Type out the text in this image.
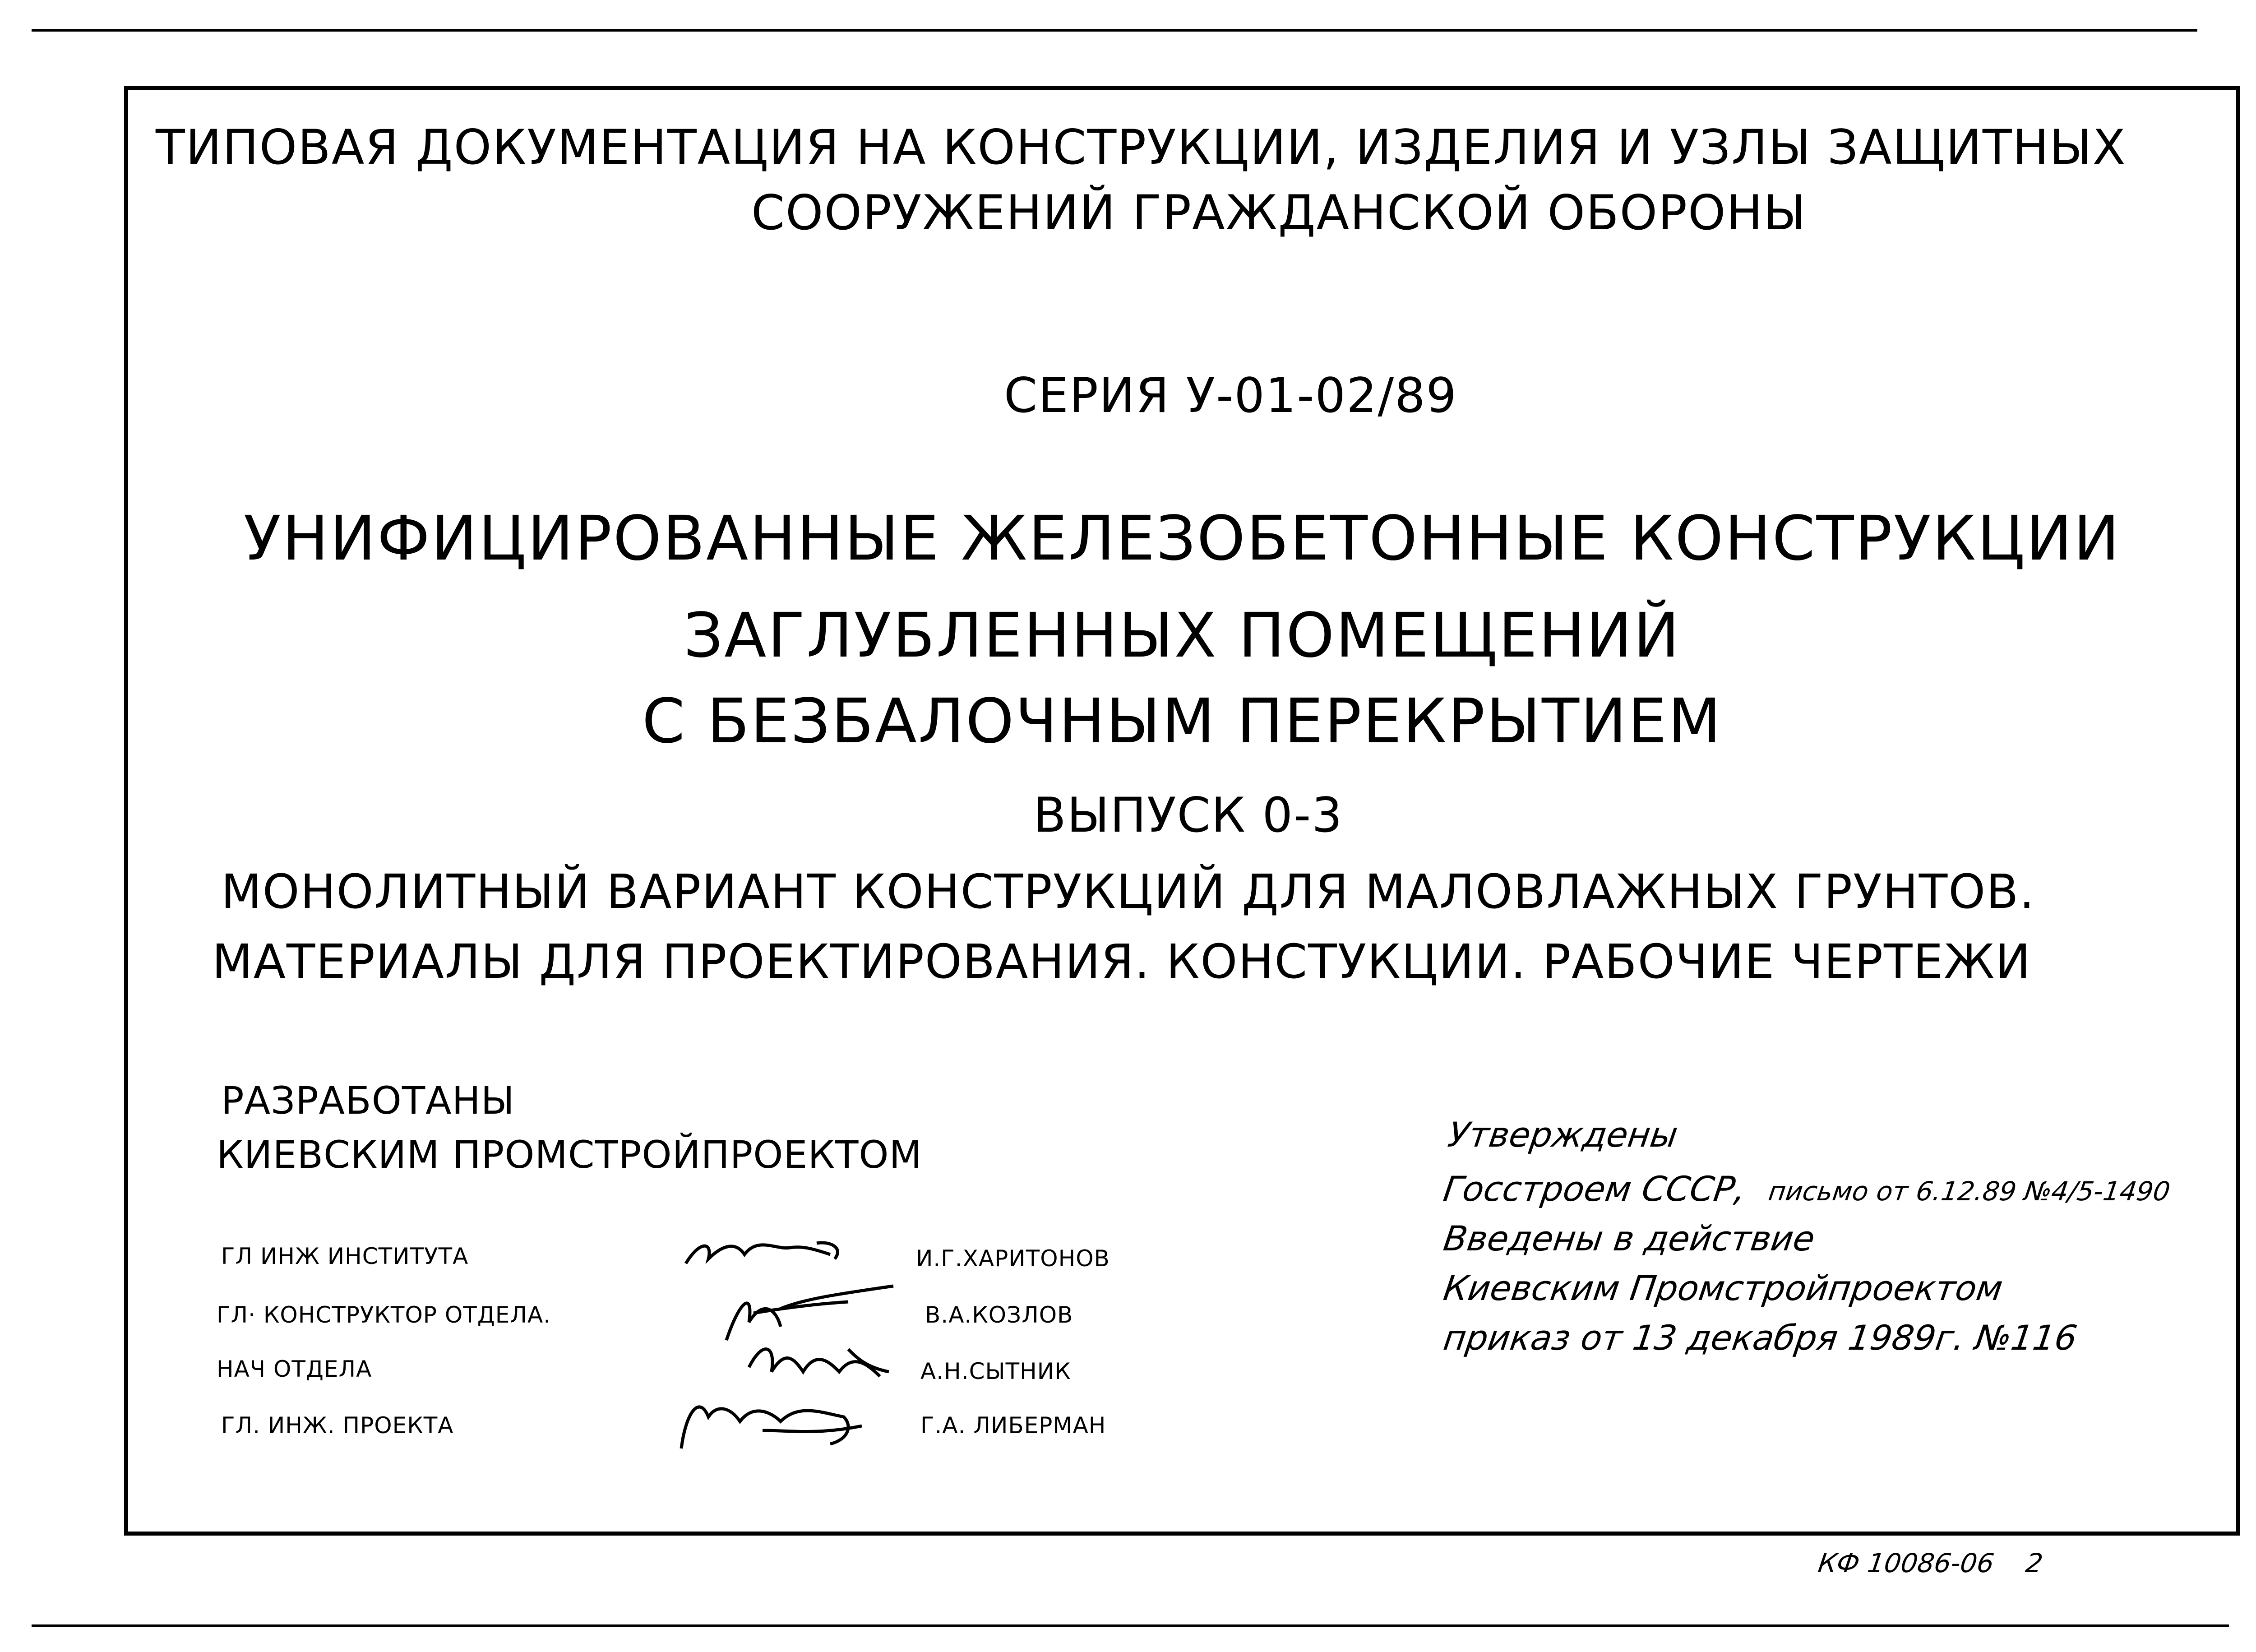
ТИПОВАЯ ДОКУМЕНТАЦИЯ НА КОНСТРУКЦИИ, ИЗДЕЛИЯ И УЗЛЫ ЗАЩИТНЫХ
СООРУЖЕНИЙ ГРАЖДАНСКОЙ ОБОРОНЫ
СЕРИЯ У-01-02/89
УНИФИЦИРОВАННЫЕ ЖЕЛЕЗОБЕТОННЫЕ КОНСТРУКЦИИ
ЗАГЛУБЛЕННЫХ ПОМЕЩЕНИЙ
С БЕЗБАЛОЧНЫМ ПЕРЕКРЫТИЕМ
ВЫПУСК 0-3
МОНОЛИТНЫЙ ВАРИАНТ КОНСТРУКЦИЙ ДЛЯ МАЛОВЛАЖНЫХ ГРУНТОВ.
МАТЕРИАЛЫ ДЛЯ ПРОЕКТИРОВАНИЯ. КОНСТУКЦИИ. РАБОЧИЕ ЧЕРТЕЖИ
РАЗРАБОТАНЫ
КИЕВСКИМ ПРОМСТРОЙПРОЕКТОМ
ГЛ ИНЖ ИНСТИТУТА
ГЛ· КОНСТРУКТОР ОТДЕЛА.
НАЧ ОТДЕЛА
ГЛ. ИНЖ. ПРОЕКТА
И.Г.ХАРИТОНОВ
В.А.КОЗЛОВ
А.Н.СЫТНИК
Г.А. ЛИБЕРМАН
Утверждены
Госстроем СССР, письмо от 6.12.89 №4/5-1490
Введены в действие
Киевским Промстройпроектом
приказ от 13 декабря 1989г. №116
КФ 10086-06 2
